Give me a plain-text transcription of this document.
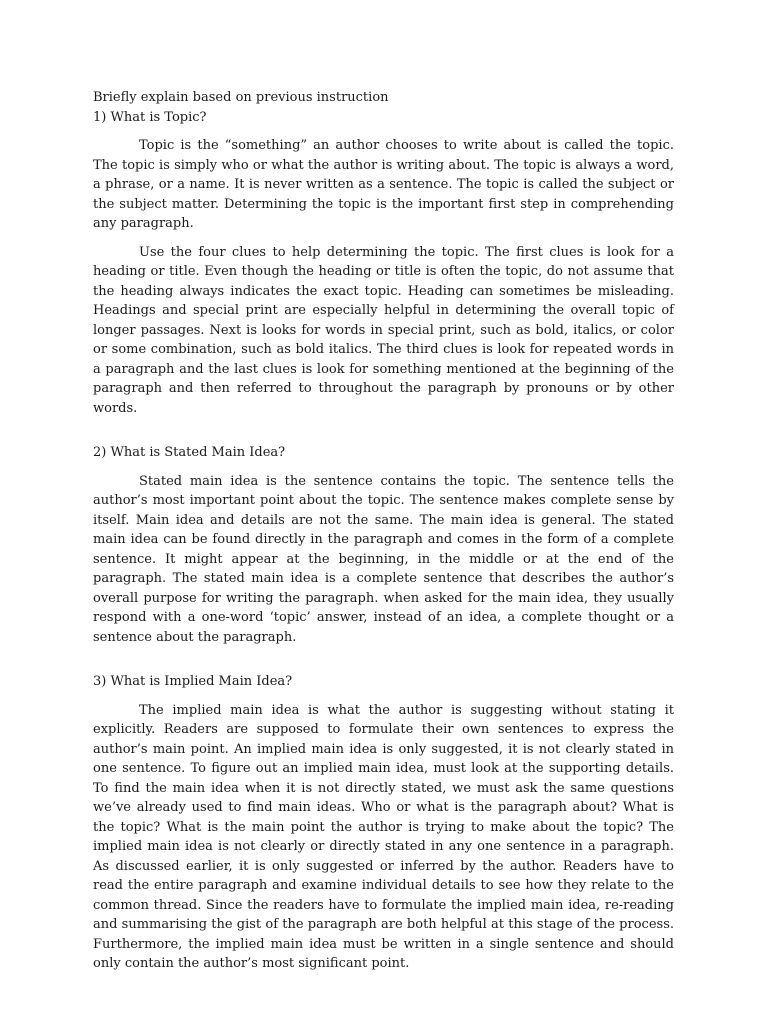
Briefly explain based on previous instruction

1) What is Topic?

Topic is the “something” an author chooses to write about is called the topic. The topic is simply who or what the author is writing about. The topic is always a word, a phrase, or a name. It is never written as a sentence. The topic is called the subject or the subject matter. Determining the topic is the important first step in comprehending any paragraph.

Use the four clues to help determining the topic. The first clues is look for a heading or title. Even though the heading or title is often the topic, do not assume that the heading always indicates the exact topic. Heading can sometimes be misleading. Headings and special print are especially helpful in determining the overall topic of longer passages. Next is looks for words in special print, such as bold, italics, or color or some combination, such as bold italics. The third clues is look for repeated words in a paragraph and the last clues is look for something mentioned at the beginning of the paragraph and then referred to throughout the paragraph by pronouns or by other words.

2) What is Stated Main Idea?

Stated main idea is the sentence contains the topic. The sentence tells the author’s most important point about the topic. The sentence makes complete sense by itself. Main idea and details are not the same. The main idea is general. The stated main idea can be found directly in the paragraph and comes in the form of a complete sentence. It might appear at the beginning, in the middle or at the end of the paragraph. The stated main idea is a complete sentence that describes the author’s overall purpose for writing the paragraph. when asked for the main idea, they usually respond with a one-word ‘topic’ answer, instead of an idea, a complete thought or a sentence about the paragraph.

3) What is Implied Main Idea?

The implied main idea is what the author is suggesting without stating it explicitly. Readers are supposed to formulate their own sentences to express the author’s main point. An implied main idea is only suggested, it is not clearly stated in one sentence. To figure out an implied main idea, must look at the supporting details. To find the main idea when it is not directly stated, we must ask the same questions we’ve already used to find main ideas. Who or what is the paragraph about? What is the topic? What is the main point the author is trying to make about the topic? The implied main idea is not clearly or directly stated in any one sentence in a paragraph. As discussed earlier, it is only suggested or inferred by the author. Readers have to read the entire paragraph and examine individual details to see how they relate to the common thread. Since the readers have to formulate the implied main idea, re-reading and summarising the gist of the paragraph are both helpful at this stage of the process. Furthermore, the implied main idea must be written in a single sentence and should only contain the author’s most significant point.
